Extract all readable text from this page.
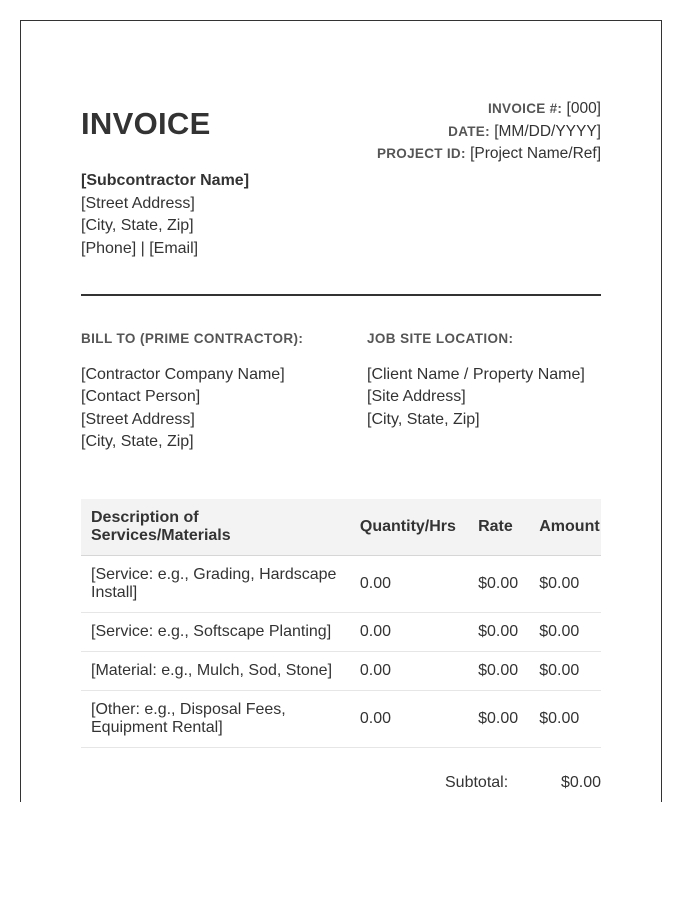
INVOICE	INVOICE #: [000]
DATE: [MM/DD/YYYY]
PROJECT ID: [Project Name/Ref]
[Subcontractor Name]
[Street Address]
[City, State, Zip]
[Phone] | [Email]
BILL TO (PRIME CONTRACTOR):
[Contractor Company Name]
[Contact Person]
[Street Address]
[City, State, Zip]
JOB SITE LOCATION:
[Client Name / Property Name]
[Site Address]
[City, State, Zip]
Description of Services/Materials	Quantity/Hrs	Rate	Amount
[Service: e.g., Grading, Hardscape Install]	0.00	$0.00	$0.00
[Service: e.g., Softscape Planting]	0.00	$0.00	$0.00
[Material: e.g., Mulch, Sod, Stone]	0.00	$0.00	$0.00
[Other: e.g., Disposal Fees, Equipment Rental]	0.00	$0.00	$0.00
Subtotal:	$0.00
